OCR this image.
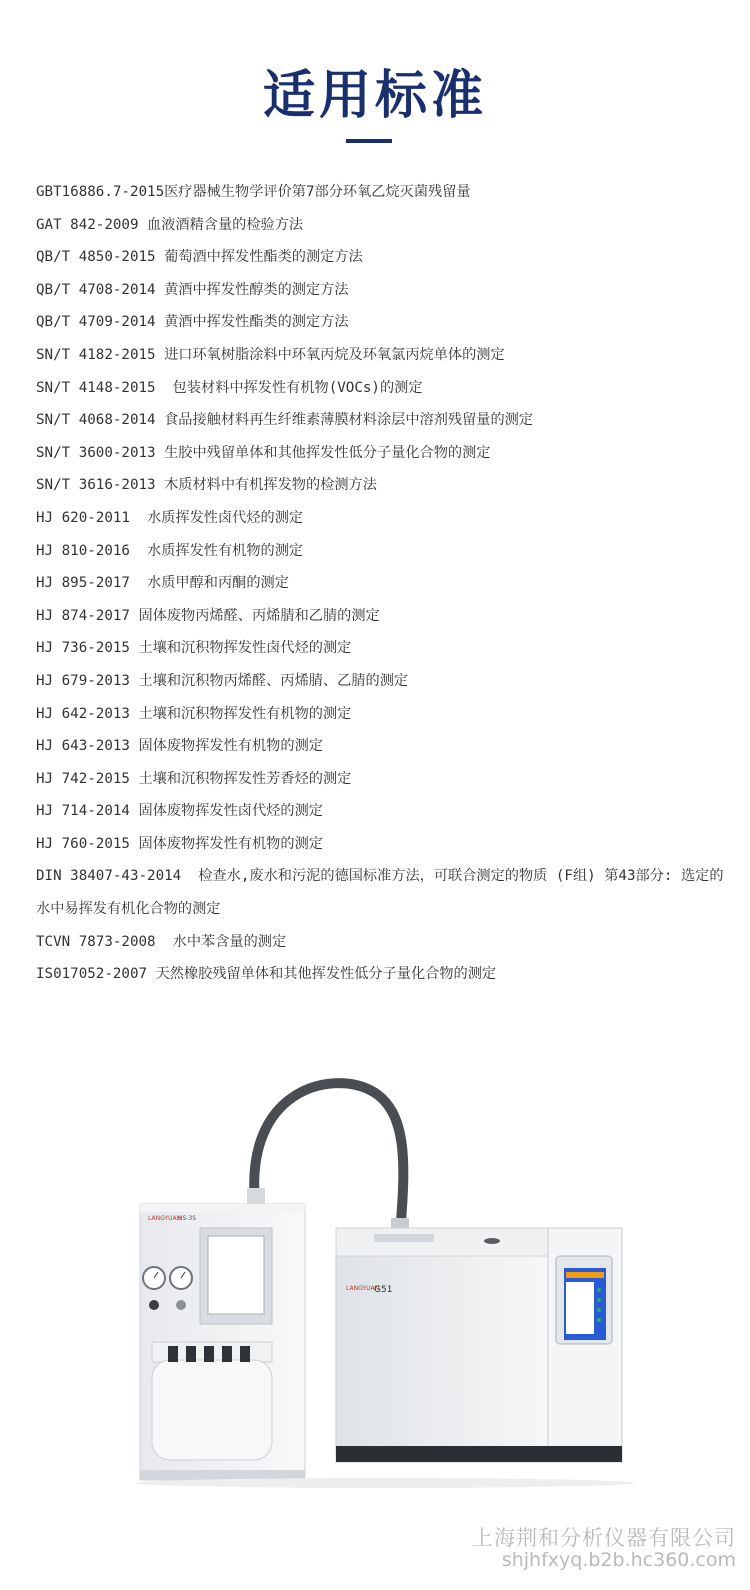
适用标准
GBT16886.7-2015医疗器械生物学评价第7部分环氧乙烷灭菌残留量
GAT 842-2009 血液酒精含量的检验方法
QB/T 4850-2015 葡萄酒中挥发性酯类的测定方法
QB/T 4708-2014 黄酒中挥发性醇类的测定方法
QB/T 4709-2014 黄酒中挥发性酯类的测定方法
SN/T 4182-2015 进口环氧树脂涂料中环氧丙烷及环氧氯丙烷单体的测定
SN/T 4148-2015  包装材料中挥发性有机物(VOCs)的测定
SN/T 4068-2014 食品接触材料再生纤维素薄膜材料涂层中溶剂残留量的测定
SN/T 3600-2013 生胶中残留单体和其他挥发性低分子量化合物的测定
SN/T 3616-2013 木质材料中有机挥发物的检测方法
HJ 620-2011  水质挥发性卤代烃的测定
HJ 810-2016  水质挥发性有机物的测定
HJ 895-2017  水质甲醇和丙酮的测定
HJ 874-2017 固体废物丙烯醛、丙烯腈和乙腈的测定
HJ 736-2015 土壤和沉积物挥发性卤代烃的测定
HJ 679-2013 土壤和沉积物丙烯醛、丙烯腈、乙腈的测定
HJ 642-2013 土壤和沉积物挥发性有机物的测定
HJ 643-2013 固体废物挥发性有机物的测定
HJ 742-2015 土壤和沉积物挥发性芳香烃的测定
HJ 714-2014 固体废物挥发性卤代烃的测定
HJ 760-2015 固体废物挥发性有机物的测定
DIN 38407-43-2014  检查水,废水和污泥的德国标准方法，可联合测定的物质 (F组) 第43部分: 选定的水中易挥发有机化合物的测定
TCVN 7873-2008  水中苯含量的测定
IS017052-2007 天然橡胶残留单体和其他挥发性低分子量化合物的测定
LANGYUAN
HS-3S
LANGYUAN
G51
上海荆和分析仪器有限公司
shjhfxyq.b2b.hc360.com
